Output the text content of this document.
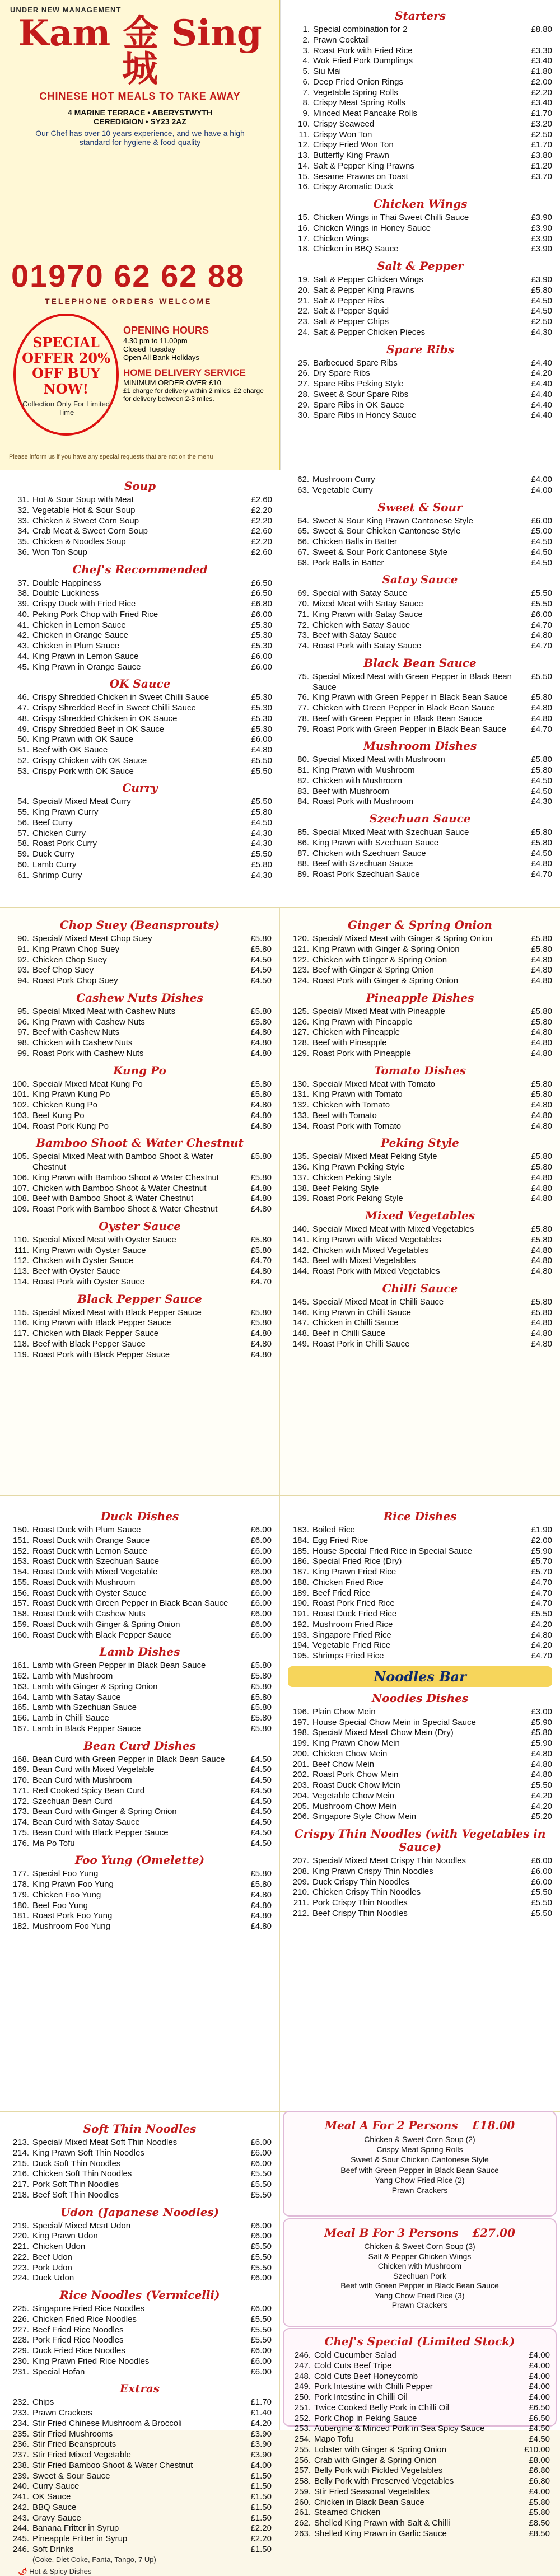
UNDER NEW MANAGEMENT
Kam 金 Sing 城
CHINESE HOT MEALS TO TAKE AWAY
4 MARINE TERRACE • ABERYSTWYTH
CEREDIGION • SY23 2AZ
Our Chef has over 10 years experience, and we have a high standard for hygiene & food quality
01970 62 62 88
TELEPHONE ORDERS WELCOME
SPECIAL OFFER 20% OFF BUY NOW!
Collection Only For Limited Time
OPENING HOURS
4.30 pm to 11.00pm
Closed Tuesday
Open All Bank Holidays
HOME DELIVERY SERVICE
MINIMUM ORDER OVER £10
£1 charge for delivery within 2 miles. £2 charge for delivery between 2-3 miles.
Please inform us if you have any special requests that are not on the menu
Starters
1. Special combination for 2	£8.80
2. Prawn Cocktail
3. Roast Pork with Fried Rice	£3.30
4. Wok Fried Pork Dumplings	£3.40
5. Siu Mai	£1.80
6. Deep Fried Onion Rings	£2.00
7. Vegetable Spring Rolls	£2.20
8. Crispy Meat Spring Rolls	£3.40
9. Minced Meat Pancake Rolls	£1.70
10. Crispy Seaweed	£3.20
11. Crispy Won Ton	£2.50
12. Crispy Fried Won Ton	£1.70
13. Butterfly King Prawn	£3.80
14. Salt & Pepper King Prawns	£1.20
15. Sesame Prawns on Toast	£3.70
16. Crispy Aromatic Duck
Chicken Wings
15. Chicken Wings in Thai Sweet Chilli Sauce	£3.90
16. Chicken Wings in Honey Sauce	£3.90
17. Chicken Wings	£3.90
18. Chicken in BBQ Sauce	£3.90
Salt & Pepper
19. Salt & Pepper Chicken Wings	£3.90
20. Salt & Pepper King Prawns	£5.80
21. Salt & Pepper Ribs	£4.50
22. Salt & Pepper Squid	£4.50
23. Salt & Pepper Chips	£2.50
24. Salt & Pepper Chicken Pieces	£4.30
Spare Ribs
25. Barbecued Spare Ribs	£4.40
26. Dry Spare Ribs	£4.20
27. Spare Ribs Peking Style	£4.40
28. Sweet & Sour Spare Ribs	£4.40
29. Spare Ribs in OK Sauce	£4.40
30. Spare Ribs in Honey Sauce	£4.40
Soup
31. Hot & Sour Soup with Meat	£2.60
32. Vegetable Hot & Sour Soup	£2.20
33. Chicken & Sweet Corn Soup	£2.20
34. Crab Meat & Sweet Corn Soup	£2.60
35. Chicken & Noodles Soup	£2.20
36. Won Ton Soup	£2.60
Chef's Recommended
37. Double Happiness	£6.50
38. Double Luckiness	£6.50
39. Crispy Duck with Fried Rice	£6.80
40. Peking Pork Chop with Fried Rice	£6.00
41. Chicken in Lemon Sauce	£5.30
42. Chicken in Orange Sauce	£5.30
43. Chicken in Plum Sauce	£5.30
44. King Prawn in Lemon Sauce	£6.00
45. King Prawn in Orange Sauce	£6.00
OK Sauce
46. Crispy Shredded Chicken in Sweet Chilli Sauce	£5.30
47. Crispy Shredded Beef in Sweet Chilli Sauce	£5.30
48. Crispy Shredded Chicken in OK Sauce	£5.30
49. Crispy Shredded Beef in OK Sauce	£5.30
50. King Prawn with OK Sauce	£6.00
51. Beef with OK Sauce	£4.80
52. Crispy Chicken with OK Sauce	£5.50
53. Crispy Pork with OK Sauce	£5.50
Curry
54. Special/ Mixed Meat Curry	£5.50
55. King Prawn Curry	£5.80
56. Beef Curry	£4.50
57. Chicken Curry	£4.30
58. Roast Pork Curry	£4.30
59. Duck Curry	£5.50
60. Lamb Curry	£5.80
61. Shrimp Curry	£4.30
62. Mushroom Curry	£4.00
63. Vegetable Curry	£4.00
Sweet & Sour
64. Sweet & Sour King Prawn Cantonese Style	£6.00
65. Sweet & Sour Chicken Cantonese Style	£5.00
66. Chicken Balls in Batter	£4.50
67. Sweet & Sour Pork Cantonese Style	£4.50
68. Pork Balls in Batter	£4.50
Satay Sauce
69. Special with Satay Sauce	£5.50
70. Mixed Meat with Satay Sauce	£5.50
71. King Prawn with Satay Sauce	£6.00
72. Chicken with Satay Sauce	£4.70
73. Beef with Satay Sauce	£4.80
74. Roast Pork with Satay Sauce	£4.70
Black Bean Sauce
75. Special Mixed Meat with Green Pepper in Black Bean Sauce
£5.50
76. King Prawn with Green Pepper in Black Bean Sauce	£5.80
77. Chicken with Green Pepper in Black Bean Sauce	£4.80
78. Beef with Green Pepper in Black Bean Sauce	£4.80
79. Roast Pork with Green Pepper in Black Bean Sauce	£4.70
Mushroom Dishes
80. Special Mixed Meat with Mushroom	£5.80
81. King Prawn with Mushroom	£5.80
82. Chicken with Mushroom	£4.50
83. Beef with Mushroom	£4.50
84. Roast Pork with Mushroom	£4.30
Szechuan Sauce
85. Special Mixed Meat with Szechuan Sauce	£5.80
86. King Prawn with Szechuan Sauce	£5.80
87. Chicken with Szechuan Sauce	£4.50
88. Beef with Szechuan Sauce	£4.80
89. Roast Pork Szechuan Sauce	£4.70
Chop Suey (Beansprouts)
90. Special/ Mixed Meat Chop Suey	£5.80
91. King Prawn Chop Suey	£5.80
92. Chicken Chop Suey	£4.50
93. Beef Chop Suey	£4.50
94. Roast Pork Chop Suey	£4.50
Cashew Nuts Dishes
95. Special Mixed Meat with Cashew Nuts	£5.80
96. King Prawn with Cashew Nuts	£5.80
97. Beef with Cashew Nuts	£4.80
98. Chicken with Cashew Nuts	£4.80
99. Roast Pork with Cashew Nuts	£4.80
Kung Po
100. Special/ Mixed Meat Kung Po	£5.80
101. King Prawn Kung Po	£5.80
102. Chicken Kung Po	£4.80
103. Beef Kung Po	£4.80
104. Roast Pork Kung Po	£4.80
Bamboo Shoot & Water Chestnut
105. Special Mixed Meat with Bamboo Shoot & Water Chestnut
£5.80
106. King Prawn with Bamboo Shoot & Water Chestnut	£5.80
107. Chicken with Bamboo Shoot & Water Chestnut	£4.80
108. Beef with Bamboo Shoot & Water Chestnut	£4.80
109. Roast Pork with Bamboo Shoot & Water Chestnut	£4.80
Oyster Sauce
110. Special Mixed Meat with Oyster Sauce	£5.80
111. King Prawn with Oyster Sauce	£5.80
112. Chicken with Oyster Sauce	£4.70
113. Beef with Oyster Sauce	£4.80
114. Roast Pork with Oyster Sauce	£4.70
Black Pepper Sauce
115. Special Mixed Meat with Black Pepper Sauce	£5.80
116. King Prawn with Black Pepper Sauce	£5.80
117. Chicken with Black Pepper Sauce	£4.80
118. Beef with Black Pepper Sauce	£4.80
119. Roast Pork with Black Pepper Sauce	£4.80
Ginger & Spring Onion
120. Special/ Mixed Meat with Ginger & Spring Onion	£5.80
121. King Prawn with Ginger & Spring Onion	£5.80
122. Chicken with Ginger & Spring Onion	£4.80
123. Beef with Ginger & Spring Onion	£4.80
124. Roast Pork with Ginger & Spring Onion	£4.80
Pineapple Dishes
125. Special/ Mixed Meat with Pineapple	£5.80
126. King Prawn with Pineapple	£5.80
127. Chicken with Pineapple	£4.80
128. Beef with Pineapple	£4.80
129. Roast Pork with Pineapple	£4.80
Tomato Dishes
130. Special/ Mixed Meat with Tomato	£5.80
131. King Prawn with Tomato	£5.80
132. Chicken with Tomato	£4.80
133. Beef with Tomato	£4.80
134. Roast Pork with Tomato	£4.80
Peking Style
135. Special/ Mixed Meat Peking Style	£5.80
136. King Prawn Peking Style	£5.80
137. Chicken Peking Style	£4.80
138. Beef Peking Style	£4.80
139. Roast Pork Peking Style	£4.80
Mixed Vegetables
140. Special/ Mixed Meat with Mixed Vegetables	£5.80
141. King Prawn with Mixed Vegetables	£5.80
142. Chicken with Mixed Vegetables	£4.80
143. Beef with Mixed Vegetables	£4.80
144. Roast Pork with Mixed Vegetables	£4.80
Chilli Sauce
145. Special/ Mixed Meat in Chilli Sauce	£5.80
146. King Prawn in Chilli Sauce	£5.80
147. Chicken in Chilli Sauce	£4.80
148. Beef in Chilli Sauce	£4.80
149. Roast Pork in Chilli Sauce	£4.80
Duck Dishes
150. Roast Duck with Plum Sauce	£6.00
151. Roast Duck with Orange Sauce	£6.00
152. Roast Duck with Lemon Sauce	£6.00
153. Roast Duck with Szechuan Sauce	£6.00
154. Roast Duck with Mixed Vegetable	£6.00
155. Roast Duck with Mushroom	£6.00
156. Roast Duck with Oyster Sauce	£6.00
157. Roast Duck with Green Pepper in Black Bean Sauce	£6.00
158. Roast Duck with Cashew Nuts	£6.00
159. Roast Duck with Ginger & Spring Onion	£6.00
160. Roast Duck with Black Pepper Sauce	£6.00
Lamb Dishes
161. Lamb with Green Pepper in Black Bean Sauce	£5.80
162. Lamb with Mushroom	£5.80
163. Lamb with Ginger & Spring Onion	£5.80
164. Lamb with Satay Sauce	£5.80
165. Lamb with Szechuan Sauce	£5.80
166. Lamb in Chilli Sauce	£5.80
167. Lamb in Black Pepper Sauce	£5.80
Bean Curd Dishes
168. Bean Curd with Green Pepper in Black Bean Sauce	£4.50
169. Bean Curd with Mixed Vegetable	£4.50
170. Bean Curd with Mushroom	£4.50
171. Red Cooked Spicy Bean Curd	£4.50
172. Szechuan Bean Curd	£4.50
173. Bean Curd with Ginger & Spring Onion	£4.50
174. Bean Curd with Satay Sauce	£4.50
175. Bean Curd with Black Pepper Sauce	£4.50
176. Ma Po Tofu	£4.50
Foo Yung (Omelette)
177. Special Foo Yung	£5.80
178. King Prawn Foo Yung	£5.80
179. Chicken Foo Yung	£4.80
180. Beef Foo Yung	£4.80
181. Roast Pork Foo Yung	£4.80
182. Mushroom Foo Yung	£4.80
Rice Dishes
183. Boiled Rice	£1.90
184. Egg Fried Rice	£2.00
185. House Special Fried Rice in Special Sauce	£5.90
186. Special Fried Rice (Dry)	£5.70
187. King Prawn Fried Rice	£5.70
188. Chicken Fried Rice	£4.70
189. Beef Fried Rice	£4.70
190. Roast Pork Fried Rice	£4.70
191. Roast Duck Fried Rice	£5.50
192. Mushroom Fried Rice	£4.20
193. Singapore Fried Rice	£4.80
194. Vegetable Fried Rice	£4.20
195. Shrimps Fried Rice	£4.70
Noodles Bar
Noodles Dishes
196. Plain Chow Mein	£3.00
197. House Special Chow Mein in Special Sauce	£5.90
198. Special/ Mixed Meat Chow Mein (Dry)	£5.80
199. King Prawn Chow Mein	£5.90
200. Chicken Chow Mein	£4.80
201. Beef Chow Mein	£4.80
202. Roast Pork Chow Mein	£4.80
203. Roast Duck Chow Mein	£5.50
204. Vegetable Chow Mein	£4.20
205. Mushroom Chow Mein	£4.20
206. Singapore Style Chow Mein	£5.20
Crispy Thin Noodles (with Vegetables in Sauce)
207. Special/ Mixed Meat Crispy Thin Noodles	£6.00
208. King Prawn Crispy Thin Noodles	£6.00
209. Duck Crispy Thin Noodles	£6.00
210. Chicken Crispy Thin Noodles	£5.50
211. Pork Crispy Thin Noodles	£5.50
212. Beef Crispy Thin Noodles	£5.50
Soft Thin Noodles
213. Special/ Mixed Meat Soft Thin Noodles	£6.00
214. King Prawn Soft Thin Noodles	£6.00
215. Duck Soft Thin Noodles	£6.00
216. Chicken Soft Thin Noodles	£5.50
217. Pork Soft Thin Noodles	£5.50
218. Beef Soft Thin Noodles	£5.50
Udon (Japanese Noodles)
219. Special/ Mixed Meat Udon	£6.00
220. King Prawn Udon	£6.00
221. Chicken Udon	£5.50
222. Beef Udon	£5.50
223. Pork Udon	£5.50
224. Duck Udon	£6.00
Rice Noodles (Vermicelli)
225. Singapore Fried Rice Noodles	£6.00
226. Chicken Fried Rice Noodles	£5.50
227. Beef Fried Rice Noodles	£5.50
228. Pork Fried Rice Noodles	£5.50
229. Duck Fried Rice Noodles	£6.00
230. King Prawn Fried Rice Noodles	£6.00
231. Special Hofan	£6.00
Extras
232. Chips	£1.70
233. Prawn Crackers	£1.40
234. Stir Fried Chinese Mushroom & Broccoli	£4.20
235. Stir Fried Mushrooms	£3.90
236. Stir Fried Beansprouts	£3.90
237. Stir Fried Mixed Vegetable	£3.90
238. Stir Fried Bamboo Shoot & Water Chestnut	£4.00
239. Sweet & Sour Sauce	£1.50
240. Curry Sauce	£1.50
241. OK Sauce	£1.50
242. BBQ Sauce	£1.50
243. Gravy Sauce	£1.50
244. Banana Fritter in Syrup	£2.20
245. Pineapple Fritter in Syrup	£2.20
246. Soft Drinks	£1.50
(Coke, Diet Coke, Fanta, Tango, 7 Up)
🌶 Hot & Spicy Dishes
Meal A For 2 Persons £18.00
Chicken & Sweet Corn Soup (2)
Crispy Meat Spring Rolls
Sweet & Sour Chicken Cantonese Style
Beef with Green Pepper in Black Bean Sauce
Yang Chow Fried Rice (2)
Prawn Crackers
Meal B For 3 Persons £27.00
Chicken & Sweet Corn Soup (3)
Salt & Pepper Chicken Wings
Chicken with Mushroom
Szechuan Pork
Beef with Green Pepper in Black Bean Sauce
Yang Chow Fried Rice (3)
Prawn Crackers
Chef's Special (Limited Stock)
246. Cold Cucumber Salad	£4.00
247. Cold Cuts Beef Tripe	£4.00
248. Cold Cuts Beef Honeycomb	£4.00
249. Pork Intestine with Chilli Pepper	£4.00
250. Pork Intestine in Chilli Oil	£4.00
251. Twice Cooked Belly Pork in Chilli Oil	£6.50
252. Pork Chop in Peking Sauce	£6.50
253. Aubergine & Minced Pork in Sea Spicy Sauce	£4.50
254. Mapo Tofu	£4.50
255. Lobster with Ginger & Spring Onion	£10.00
256. Crab with Ginger & Spring Onion	£8.00
257. Belly Pork with Pickled Vegetables	£6.80
258. Belly Pork with Preserved Vegetables	£6.80
259. Stir Fried Seasonal Vegetables	£4.00
260. Chicken in Black Bean Sauce	£5.80
261. Steamed Chicken	£5.80
262. Shelled King Prawn with Salt & Chilli	£8.50
263. Shelled King Prawn in Garlic Sauce	£8.50
